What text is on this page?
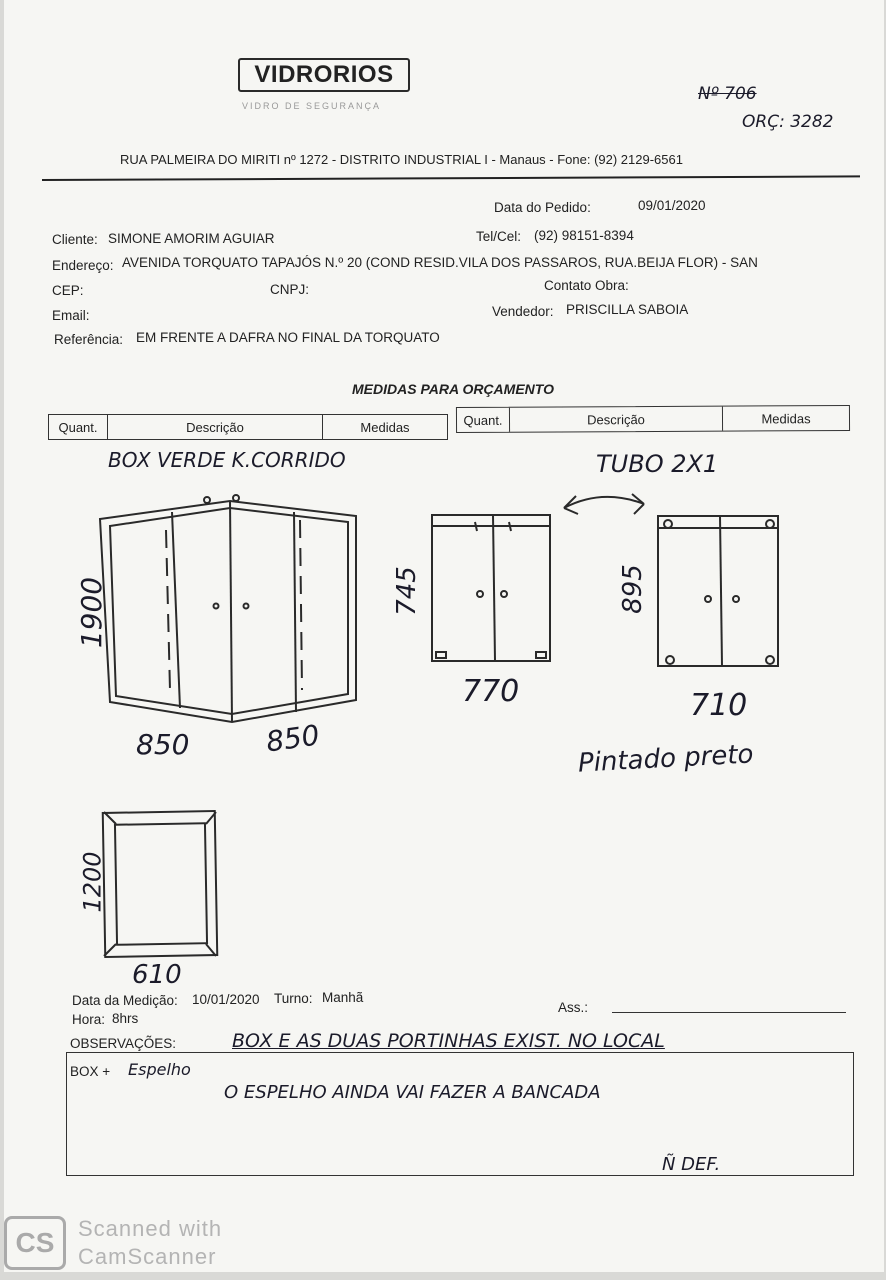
VIDRORIOS
VIDRO DE SEGURANÇA
Nº 706
ORÇ: 3282
RUA PALMEIRA DO MIRITI nº 1272 - DISTRITO INDUSTRIAL I - Manaus - Fone: (92) 2129-6561
Data do Pedido:	09/01/2020
Cliente: SIMONE AMORIM AGUIAR	Tel/Cel: (92) 98151-8394
Endereço: AVENIDA TORQUATO TAPAJÓS N.º 20 (COND RESID.VILA DOS PASSAROS, RUA.BEIJA FLOR) - SAN
CEP:	CNPJ:	Contato Obra:
Email:	Vendedor: PRISCILLA SABOIA
Referência: EM FRENTE A DAFRA NO FINAL DA TORQUATO
MEDIDAS PARA ORÇAMENTO
Quant.	Descrição	Medidas	Quant.	Descrição	Medidas
BOX VERDE K.CORRIDO
1900
850	850
TUBO 2X1
745
770
895
710
Pintado preto
1200
610
Data da Medição: 10/01/2020 Turno: Manhã
Hora: 8hrs
Ass.:
OBSERVAÇÕES:	BOX E AS DUAS PORTINHAS EXIST. NO LOCAL
BOX + Espelho
O ESPELHO AINDA VAI FAZER A BANCADA
Ñ DEF.
CS	Scanned with
CamScanner
